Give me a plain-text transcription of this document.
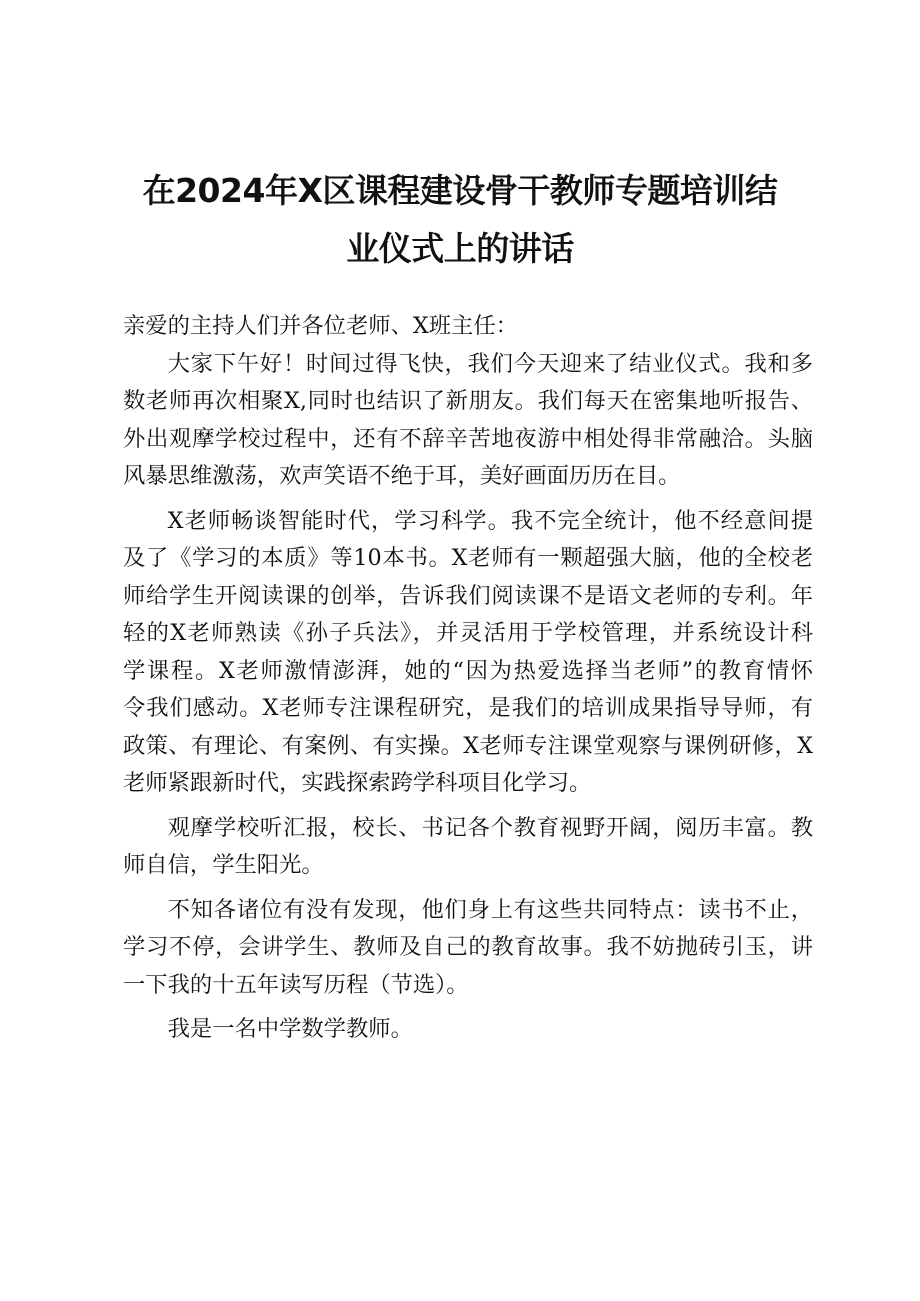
在2024年X区课程建设骨干教师专题培训结
业仪式上的讲话

亲爱的主持人们并各位老师、X班主任：

大家下午好！时间过得飞快，我们今天迎来了结业仪式。我和多
数老师再次相聚X,同时也结识了新朋友。我们每天在密集地听报告、
外出观摩学校过程中，还有不辞辛苦地夜游中相处得非常融洽。头脑
风暴思维激荡，欢声笑语不绝于耳，美好画面历历在目。

X老师畅谈智能时代，学习科学。我不完全统计，他不经意间提
及了《学习的本质》等10本书。X老师有一颗超强大脑，他的全校老
师给学生开阅读课的创举，告诉我们阅读课不是语文老师的专利。年
轻的X老师熟读《孙子兵法》，并灵活用于学校管理，并系统设计科
学课程。X老师激情澎湃，她的“因为热爱选择当老师”的教育情怀
令我们感动。X老师专注课程研究，是我们的培训成果指导导师，有
政策、有理论、有案例、有实操。X老师专注课堂观察与课例研修，X
老师紧跟新时代，实践探索跨学科项目化学习。

观摩学校听汇报，校长、书记各个教育视野开阔，阅历丰富。教
师自信，学生阳光。

不知各诸位有没有发现，他们身上有这些共同特点：读书不止，
学习不停，会讲学生、教师及自己的教育故事。我不妨抛砖引玉，讲
一下我的十五年读写历程（节选）。

我是一名中学数学教师。
